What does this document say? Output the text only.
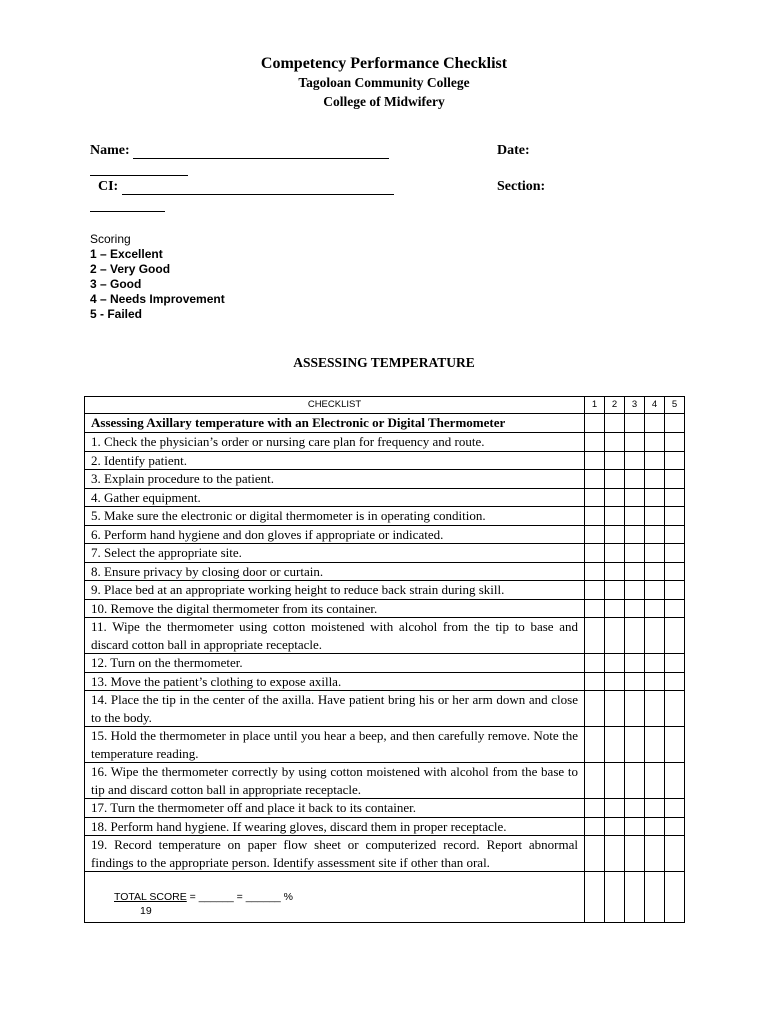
Competency Performance Checklist
Tagoloan Community College
College of Midwifery
Name:	Date:
CI:	Section:
Scoring
1 – Excellent
2 – Very Good
3 – Good
4 – Needs Improvement
5 - Failed
ASSESSING TEMPERATURE
CHECKLIST	1	2	3	4	5
Assessing Axillary temperature with an Electronic or Digital Thermometer					
1. Check the physician’s order or nursing care plan for frequency and route.					
2. Identify patient.					
3. Explain procedure to the patient.					
4. Gather equipment.					
5. Make sure the electronic or digital thermometer is in operating condition.					
6. Perform hand hygiene and don gloves if appropriate or indicated.					
7. Select the appropriate site.					
8. Ensure privacy by closing door or curtain.					
9. Place bed at an appropriate working height to reduce back strain during skill.					
10. Remove the digital thermometer from its container.					
11. Wipe the thermometer using cotton moistened with alcohol from the tip to base and discard cotton ball in appropriate receptacle.					
12. Turn on the thermometer.					
13. Move the patient’s clothing to expose axilla.					
14. Place the tip in the center of the axilla. Have patient bring his or her arm down and close to the body.					
15. Hold the thermometer in place until you hear a beep, and then carefully remove. Note the temperature reading.					
16. Wipe the thermometer correctly by using cotton moistened with alcohol from the base to tip and discard cotton ball in appropriate receptacle.					
17. Turn the thermometer off and place it back to its container.					
18. Perform hand hygiene. If wearing gloves, discard them in proper receptacle.					
19. Record temperature on paper flow sheet or computerized record. Report abnormal findings to the appropriate person. Identify assessment site if other than oral.					

TOTAL SCORE = ______ = ______ %
19					
